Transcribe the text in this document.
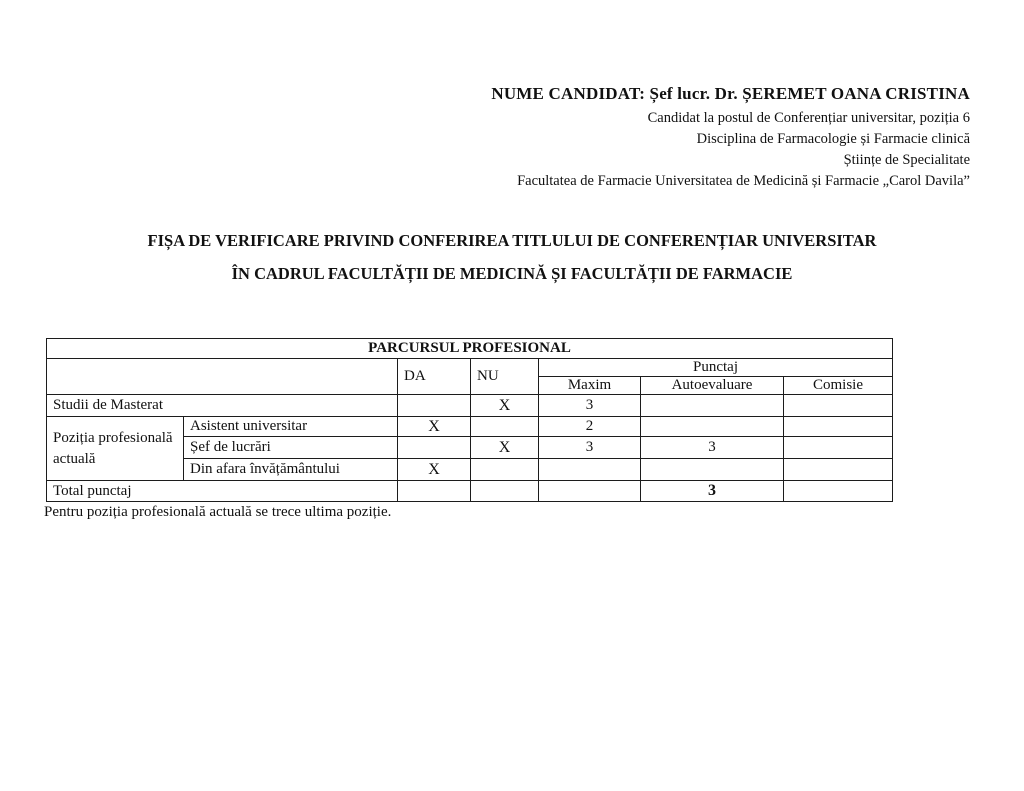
NUME CANDIDAT: Șef lucr. Dr. ȘEREMET OANA CRISTINA
Candidat la postul de Conferențiar universitar, poziția 6
Disciplina de Farmacologie și Farmacie clinică
Științe de Specialitate
Facultatea de Farmacie Universitatea de Medicină și Farmacie „Carol Davila”
FIȘA DE VERIFICARE PRIVIND CONFERIREA TITLULUI DE CONFERENȚIAR UNIVERSITAR
ÎN CADRUL FACULTĂȚII DE MEDICINĂ ȘI FACULTĂȚII DE FARMACIE
PARCURSUL PROFESIONAL						
		DA	NU	Punctaj		
				Maxim	Autoevaluare	Comisie
Studii de Masterat			X	3		
Poziția profesională actuală	Asistent universitar	X		2		
	Șef de lucrări		X	3	3	
	Din afara învățământului	X				
Total punctaj					3	
Pentru poziția profesională actuală se trece ultima poziție.
